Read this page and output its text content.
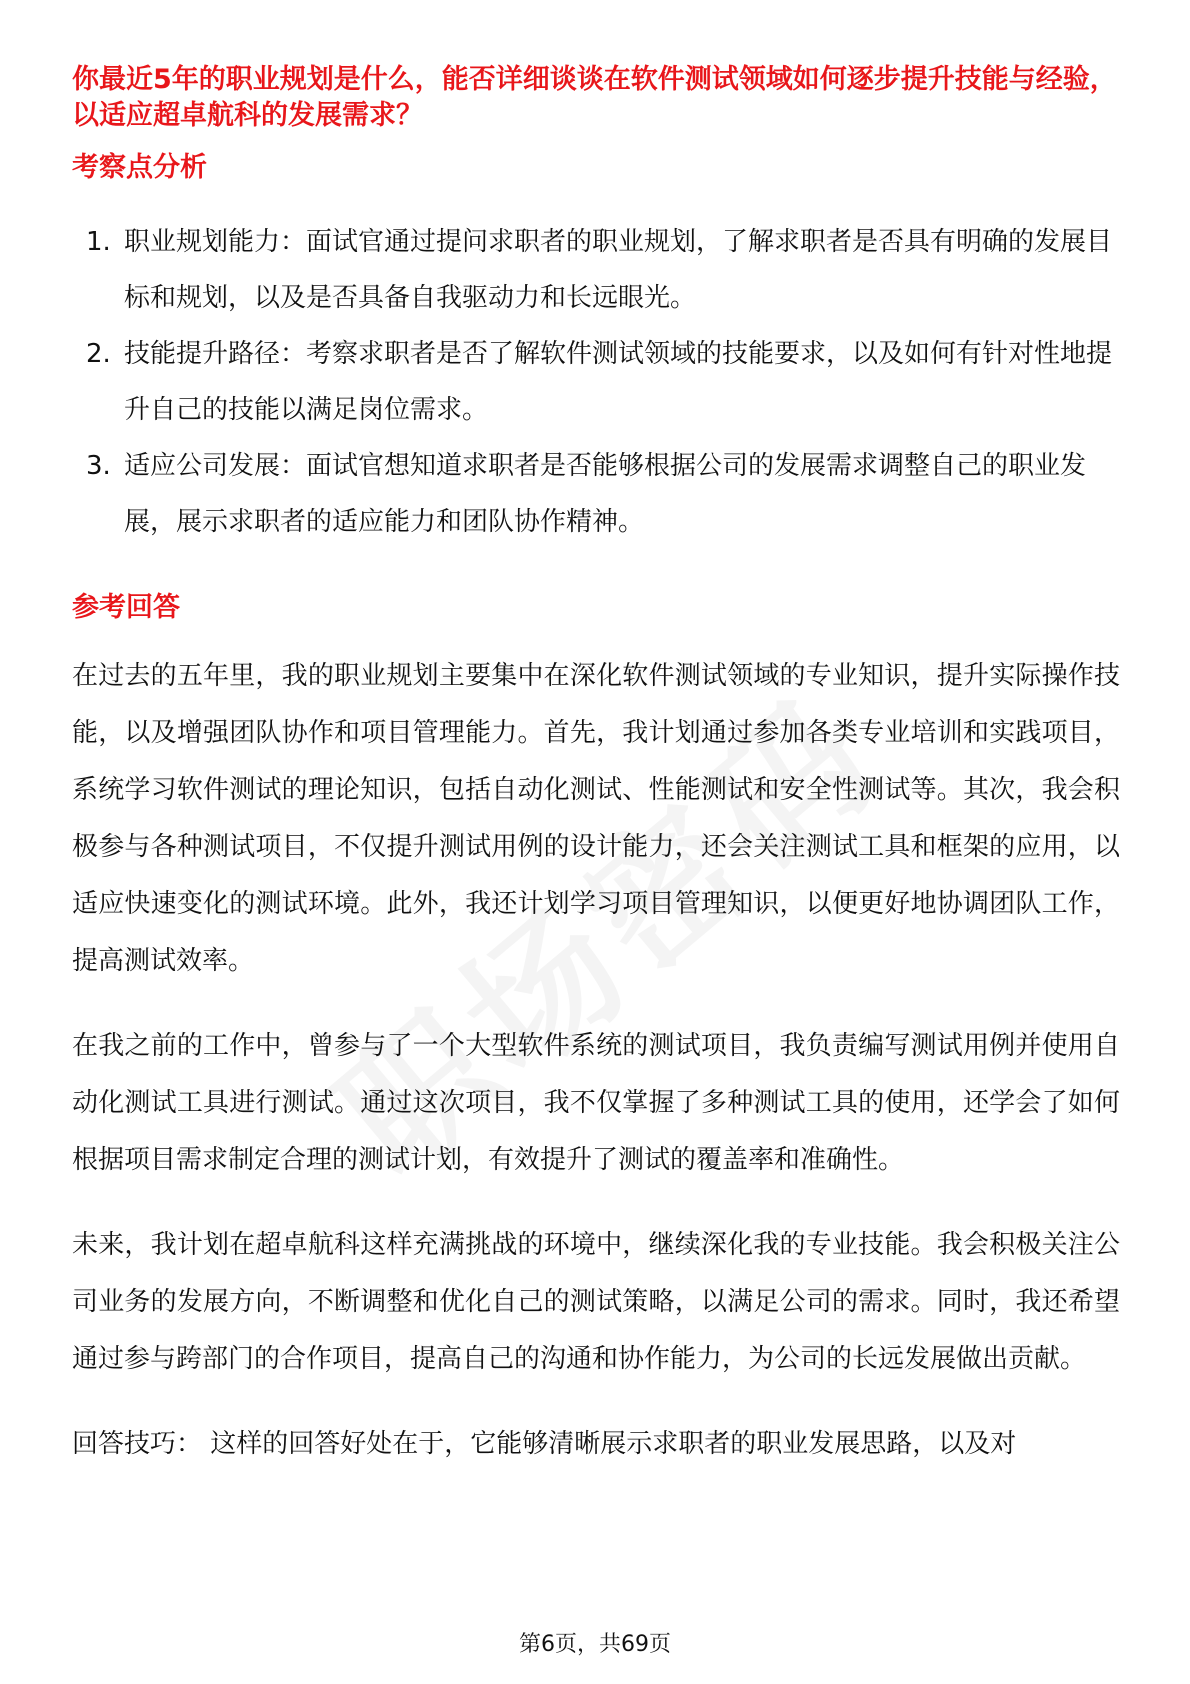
你最近5年的职业规划是什么，能否详细谈谈在软件测试领域如何逐步提升技能与经验，以适应超卓航科的发展需求？

考察点分析

1. 职业规划能力：面试官通过提问求职者的职业规划，了解求职者是否具有明确的发展目标和规划，以及是否具备自我驱动力和长远眼光。
2. 技能提升路径：考察求职者是否了解软件测试领域的技能要求，以及如何有针对性地提升自己的技能以满足岗位需求。
3. 适应公司发展：面试官想知道求职者是否能够根据公司的发展需求调整自己的职业发展，展示求职者的适应能力和团队协作精神。

参考回答

在过去的五年里，我的职业规划主要集中在深化软件测试领域的专业知识，提升实际操作技能，以及增强团队协作和项目管理能力。首先，我计划通过参加各类专业培训和实践项目，系统学习软件测试的理论知识，包括自动化测试、性能测试和安全性测试等。其次，我会积极参与各种测试项目，不仅提升测试用例的设计能力，还会关注测试工具和框架的应用，以适应快速变化的测试环境。此外，我还计划学习项目管理知识，以便更好地协调团队工作，提高测试效率。

在我之前的工作中，曾参与了一个大型软件系统的测试项目，我负责编写测试用例并使用自动化测试工具进行测试。通过这次项目，我不仅掌握了多种测试工具的使用，还学会了如何根据项目需求制定合理的测试计划，有效提升了测试的覆盖率和准确性。

未来，我计划在超卓航科这样充满挑战的环境中，继续深化我的专业技能。我会积极关注公司业务的发展方向，不断调整和优化自己的测试策略，以满足公司的需求。同时，我还希望通过参与跨部门的合作项目，提高自己的沟通和协作能力，为公司的长远发展做出贡献。

回答技巧： 这样的回答好处在于，它能够清晰展示求职者的职业发展思路，以及对

第6页，共69页
